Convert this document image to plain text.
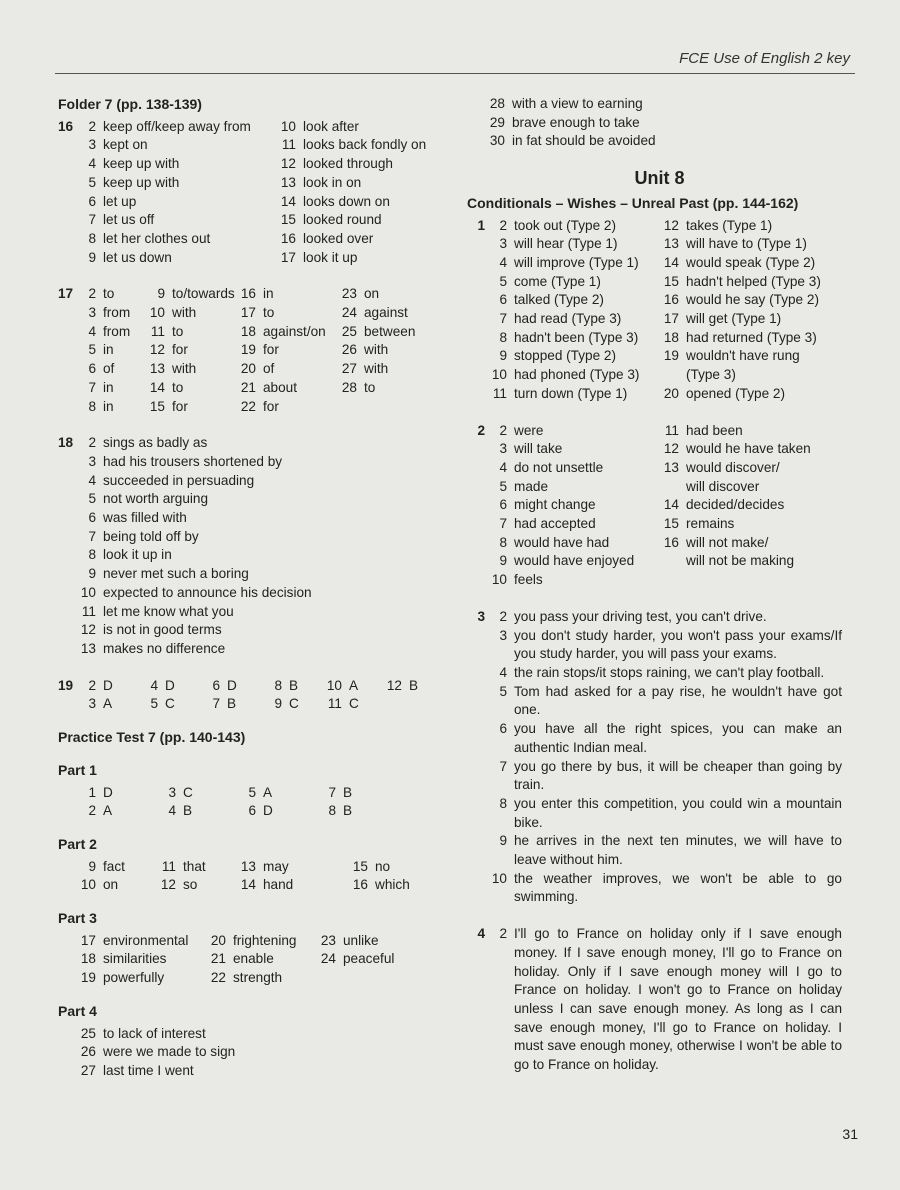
FCE Use of English 2 key
Folder 7 (pp. 138-139)
16	2 keep off/keep away from
3 kept on
4 keep up with
5 keep up with
6 let up
7 let us off
8 let her clothes out
9 let us down
10 look after
11 looks back fondly on
12 looked through
13 look in on
14 looks down on
15 looked round
16 looked over
17 look it up
17	2 to	9 to/towards 16 in	23 on
3 from	10 with	17 to	24 against
4 from	11 to	18 against/on	25 between
5 in	12 for	19 for	26 with
6 of	13 with	20 of	27 with
7 in	14 to	21 about	28 to
8 in	15 for	22 for
18	2 sings as badly as
3 had his trousers shortened by
4 succeeded in persuading
5 not worth arguing
6 was filled with
7 being told off by
8 look it up in
9 never met such a boring
10 expected to announce his decision
11 let me know what you
12 is not in good terms
13 makes no difference
19	2 D	4 D	6 D	8 B	10 A	12 B
3 A	5 C	7 B	9 C	11 C
Practice Test 7 (pp. 140-143)
Part 1
1 D	3 C	5 A	7 B
2 A	4 B	6 D	8 B
Part 2
9 fact	11 that	13 may	15 no
10 on	12 so	14 hand	16 which
Part 3
17 environmental	20 frightening	23 unlike
18 similarities	21 enable	24 peaceful
19 powerfully	22 strength
Part 4
25 to lack of interest
26 were we made to sign
27 last time I went
28 with a view to earning
29 brave enough to take
30 in fat should be avoided
Unit 8
Conditionals – Wishes – Unreal Past (pp. 144-162)
1	2 took out (Type 2)
3 will hear (Type 1)
4 will improve (Type 1)
5 come (Type 1)
6 talked (Type 2)
7 had read (Type 3)
8 hadn't been (Type 3)
9 stopped (Type 2)
10 had phoned (Type 3)
11 turn down (Type 1)
12 takes (Type 1)
13 will have to (Type 1)
14 would speak (Type 2)
15 hadn't helped (Type 3)
16 would he say (Type 2)
17 will get (Type 1)
18 had returned (Type 3)
19 wouldn't have rung
(Type 3)
20 opened (Type 2)
2	2 were
3 will take
4 do not unsettle
5 made
6 might change
7 had accepted
8 would have had
9 would have enjoyed
10 feels
11 had been
12 would he have taken
13 would discover/
will discover
14 decided/decides
15 remains
16 will not make/
will not be making
3	2 you pass your driving test, you can't drive.
3 you don't study harder, you won't pass your exams/If you study harder, you will pass your exams.
4 the rain stops/it stops raining, we can't play football.
5 Tom had asked for a pay rise, he wouldn't have got one.
6 you have all the right spices, you can make an authentic Indian meal.
7 you go there by bus, it will be cheaper than going by train.
8 you enter this competition, you could win a mountain bike.
9 he arrives in the next ten minutes, we will have to leave without him.
10 the weather improves, we won't be able to go swimming.
4	2 I'll go to France on holiday only if I save enough money. If I save enough money, I'll go to France on holiday. Only if I save enough money will I go to France on holiday. I won't go to France on holiday unless I can save enough money. As long as I can save enough money, I'll go to France on holiday. I must save enough money, otherwise I won't be able to go to France on holiday.
31
